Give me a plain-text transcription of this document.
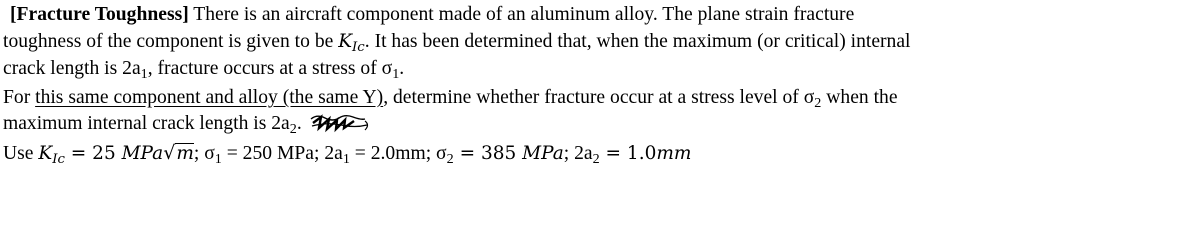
[Fracture Toughness] There is an aircraft component made of an aluminum alloy. The plane strain fracture
toughness of the component is given to be $K_{Ic}$. It has been determined that, when the maximum (or critical) internal
crack length is $2a_1$, fracture occurs at a stress of $\sigma_1$.
For this same component and alloy (the same Y), determine whether fracture occur at a stress level of $\sigma_2$ when the
maximum internal crack length is $2a_2$.
Use $K_{Ic} = 25$ MPa√m; $\sigma_1 = 250$ MPa; $2a_1 = 2.0mm$; $\sigma_2 = 385$ MPa; $2a_2 = 1.0mm$
